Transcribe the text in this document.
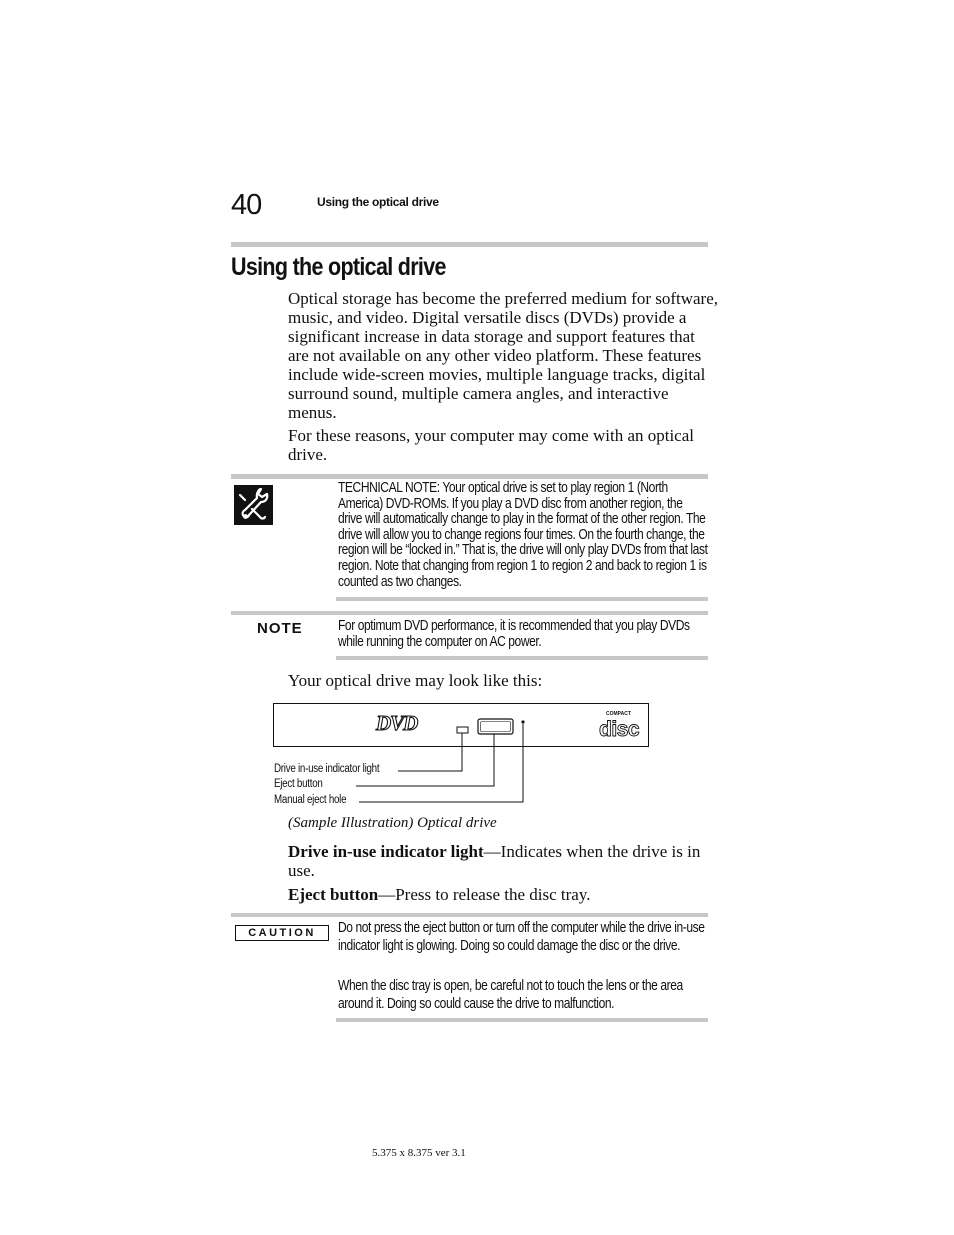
40	Using the optical drive
Using the optical drive
Optical storage has become the preferred medium for software, music, and video. Digital versatile discs (DVDs) provide a significant increase in data storage and support features that are not available on any other video platform. These features include wide-screen movies, multiple language tracks, digital surround sound, multiple camera angles, and interactive menus.
For these reasons, your computer may come with an optical drive.
TECHNICAL NOTE: Your optical drive is set to play region 1 (North America) DVD-ROMs. If you play a DVD disc from another region, the drive will automatically change to play in the format of the other region. The drive will allow you to change regions four times. On the fourth change, the region will be “locked in.” That is, the drive will only play DVDs from that last region. Note that changing from region 1 to region 2 and back to region 1 is counted as two changes.
NOTE For optimum DVD performance, it is recommended that you play DVDs while running the computer on AC power.
Your optical drive may look like this:
DVD	COMPACT
disc
Drive in-use indicator light
Eject button
Manual eject hole
(Sample Illustration) Optical drive
Drive in-use indicator light—Indicates when the drive is in use.
Eject button—Press to release the disc tray.
CAUTION	Do not press the eject button or turn off the computer while the drive in-use indicator light is glowing. Doing so could damage the disc or the drive.
When the disc tray is open, be careful not to touch the lens or the area around it. Doing so could cause the drive to malfunction.
5.375 x 8.375 ver 3.1
